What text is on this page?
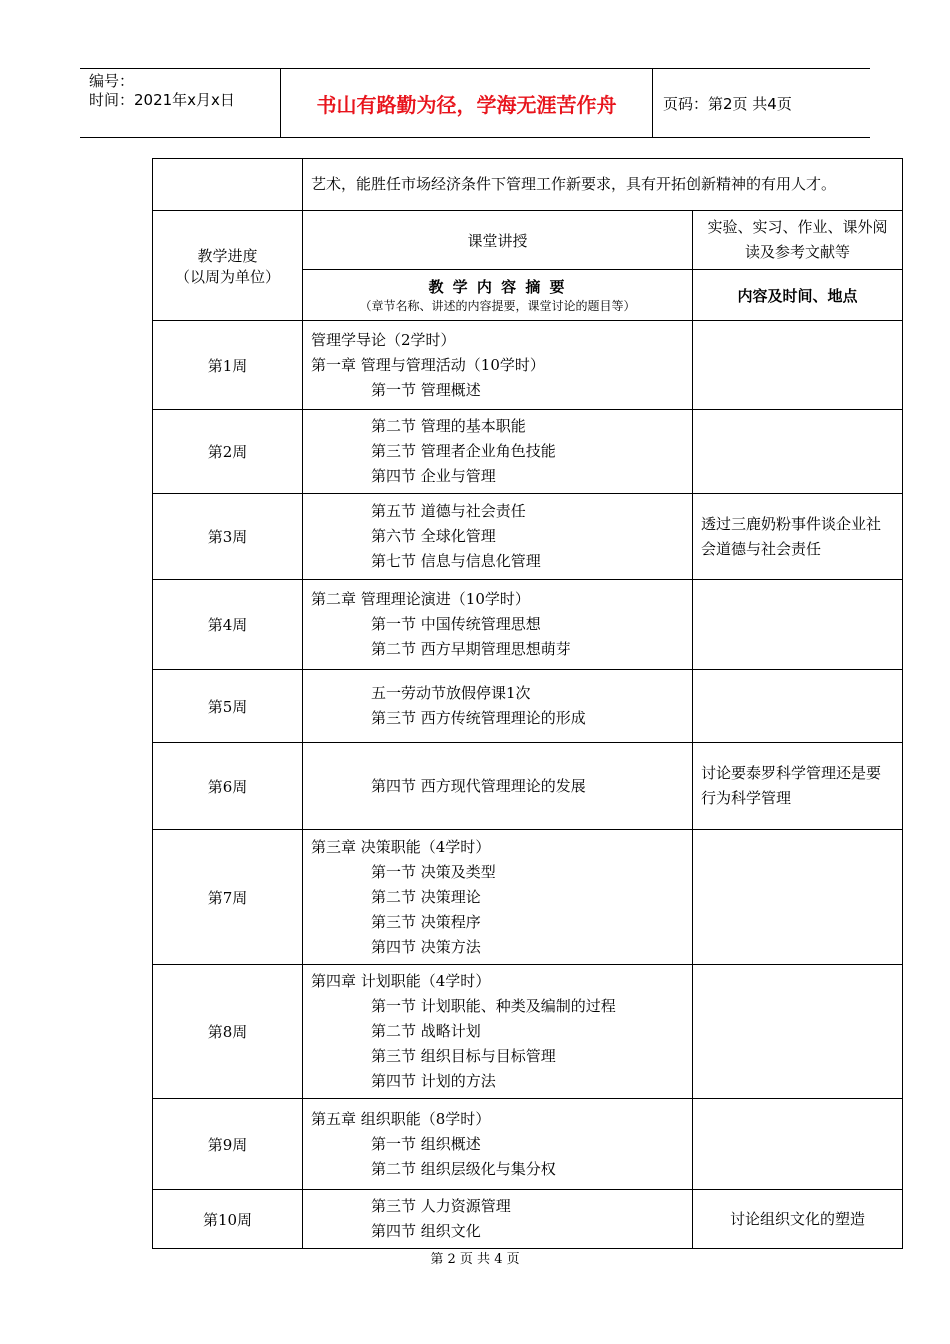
编号：
时间：2021年x月x日	书山有路勤为径，学海无涯苦作舟	页码：第2页 共4页
	艺术，能胜任市场经济条件下管理工作新要求，具有开拓创新精神的有用人才。	

教学进度
（以周为单位）	课堂讲授	实验、实习、作业、课外阅读及参考文献等

	教 学 内 容 摘 要
（章节名称、讲述的内容提要，课堂讨论的题目等）	内容及时间、地点
第1周	管理学导论（2学时）
第一章 管理与管理活动（10学时）
第一节 管理概述	

第2周	第二节 管理的基本职能
第三节 管理者企业角色技能
第四节 企业与管理	

第3周	第五节 道德与社会责任
第六节 全球化管理
第七节 信息与信息化管理	透过三鹿奶粉事件谈企业社会道德与社会责任
第4周	第二章 管理理论演进（10学时）
第一节 中国传统管理思想
第二节 西方早期管理思想萌芽	

第5周	五一劳动节放假停课1次
第三节 西方传统管理理论的形成	

第6周	第四节 西方现代管理理论的发展	讨论要泰罗科学管理还是要行为科学管理
第7周	第三章 决策职能（4学时）
第一节 决策及类型
第二节 决策理论
第三节 决策程序
第四节 决策方法	

第8周	第四章 计划职能（4学时）
第一节 计划职能、种类及编制的过程
第二节 战略计划
第三节 组织目标与目标管理
第四节 计划的方法	

第9周	第五章 组织职能（8学时）
第一节 组织概述
第二节 组织层级化与集分权	

第10周	第三节 人力资源管理
第四节 组织文化	讨论组织文化的塑造
第 2 页 共 4 页
